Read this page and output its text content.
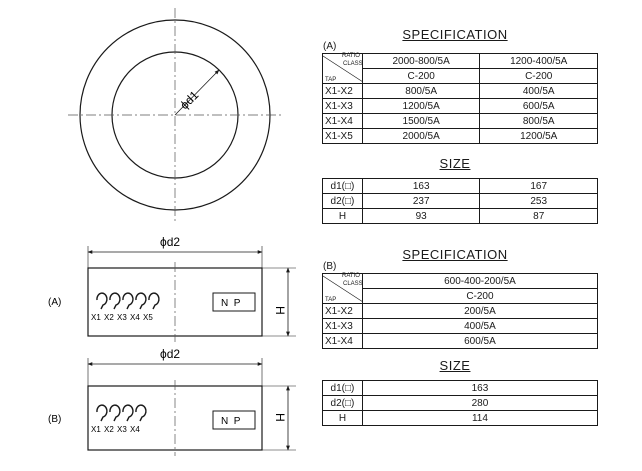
ϕd1
ϕd2
N  P
H
(A)
X1 X2 X3 X4 X5
ϕd2
N  P	H
(B)
X1 X2 X3 X4
SPECIFICATION
(A)
RATIO
CLASS
TAP	2000-800/5A	1200-400/5A
	C-200	C-200
X1-X2	800/5A	400/5A
X1-X3	1200/5A	600/5A
X1-X4	1500/5A	800/5A
X1-X5	2000/5A	1200/5A
SIZE
d1(□)	163	167
d2(□)	237	253
H	93	87
SPECIFICATION
(B)
RATIO
CLASS
TAP	600-400-200/5A
	C-200
X1-X2	200/5A
X1-X3	400/5A
X1-X4	600/5A
SIZE
d1(□)	163
d2(□)	280
H	114
